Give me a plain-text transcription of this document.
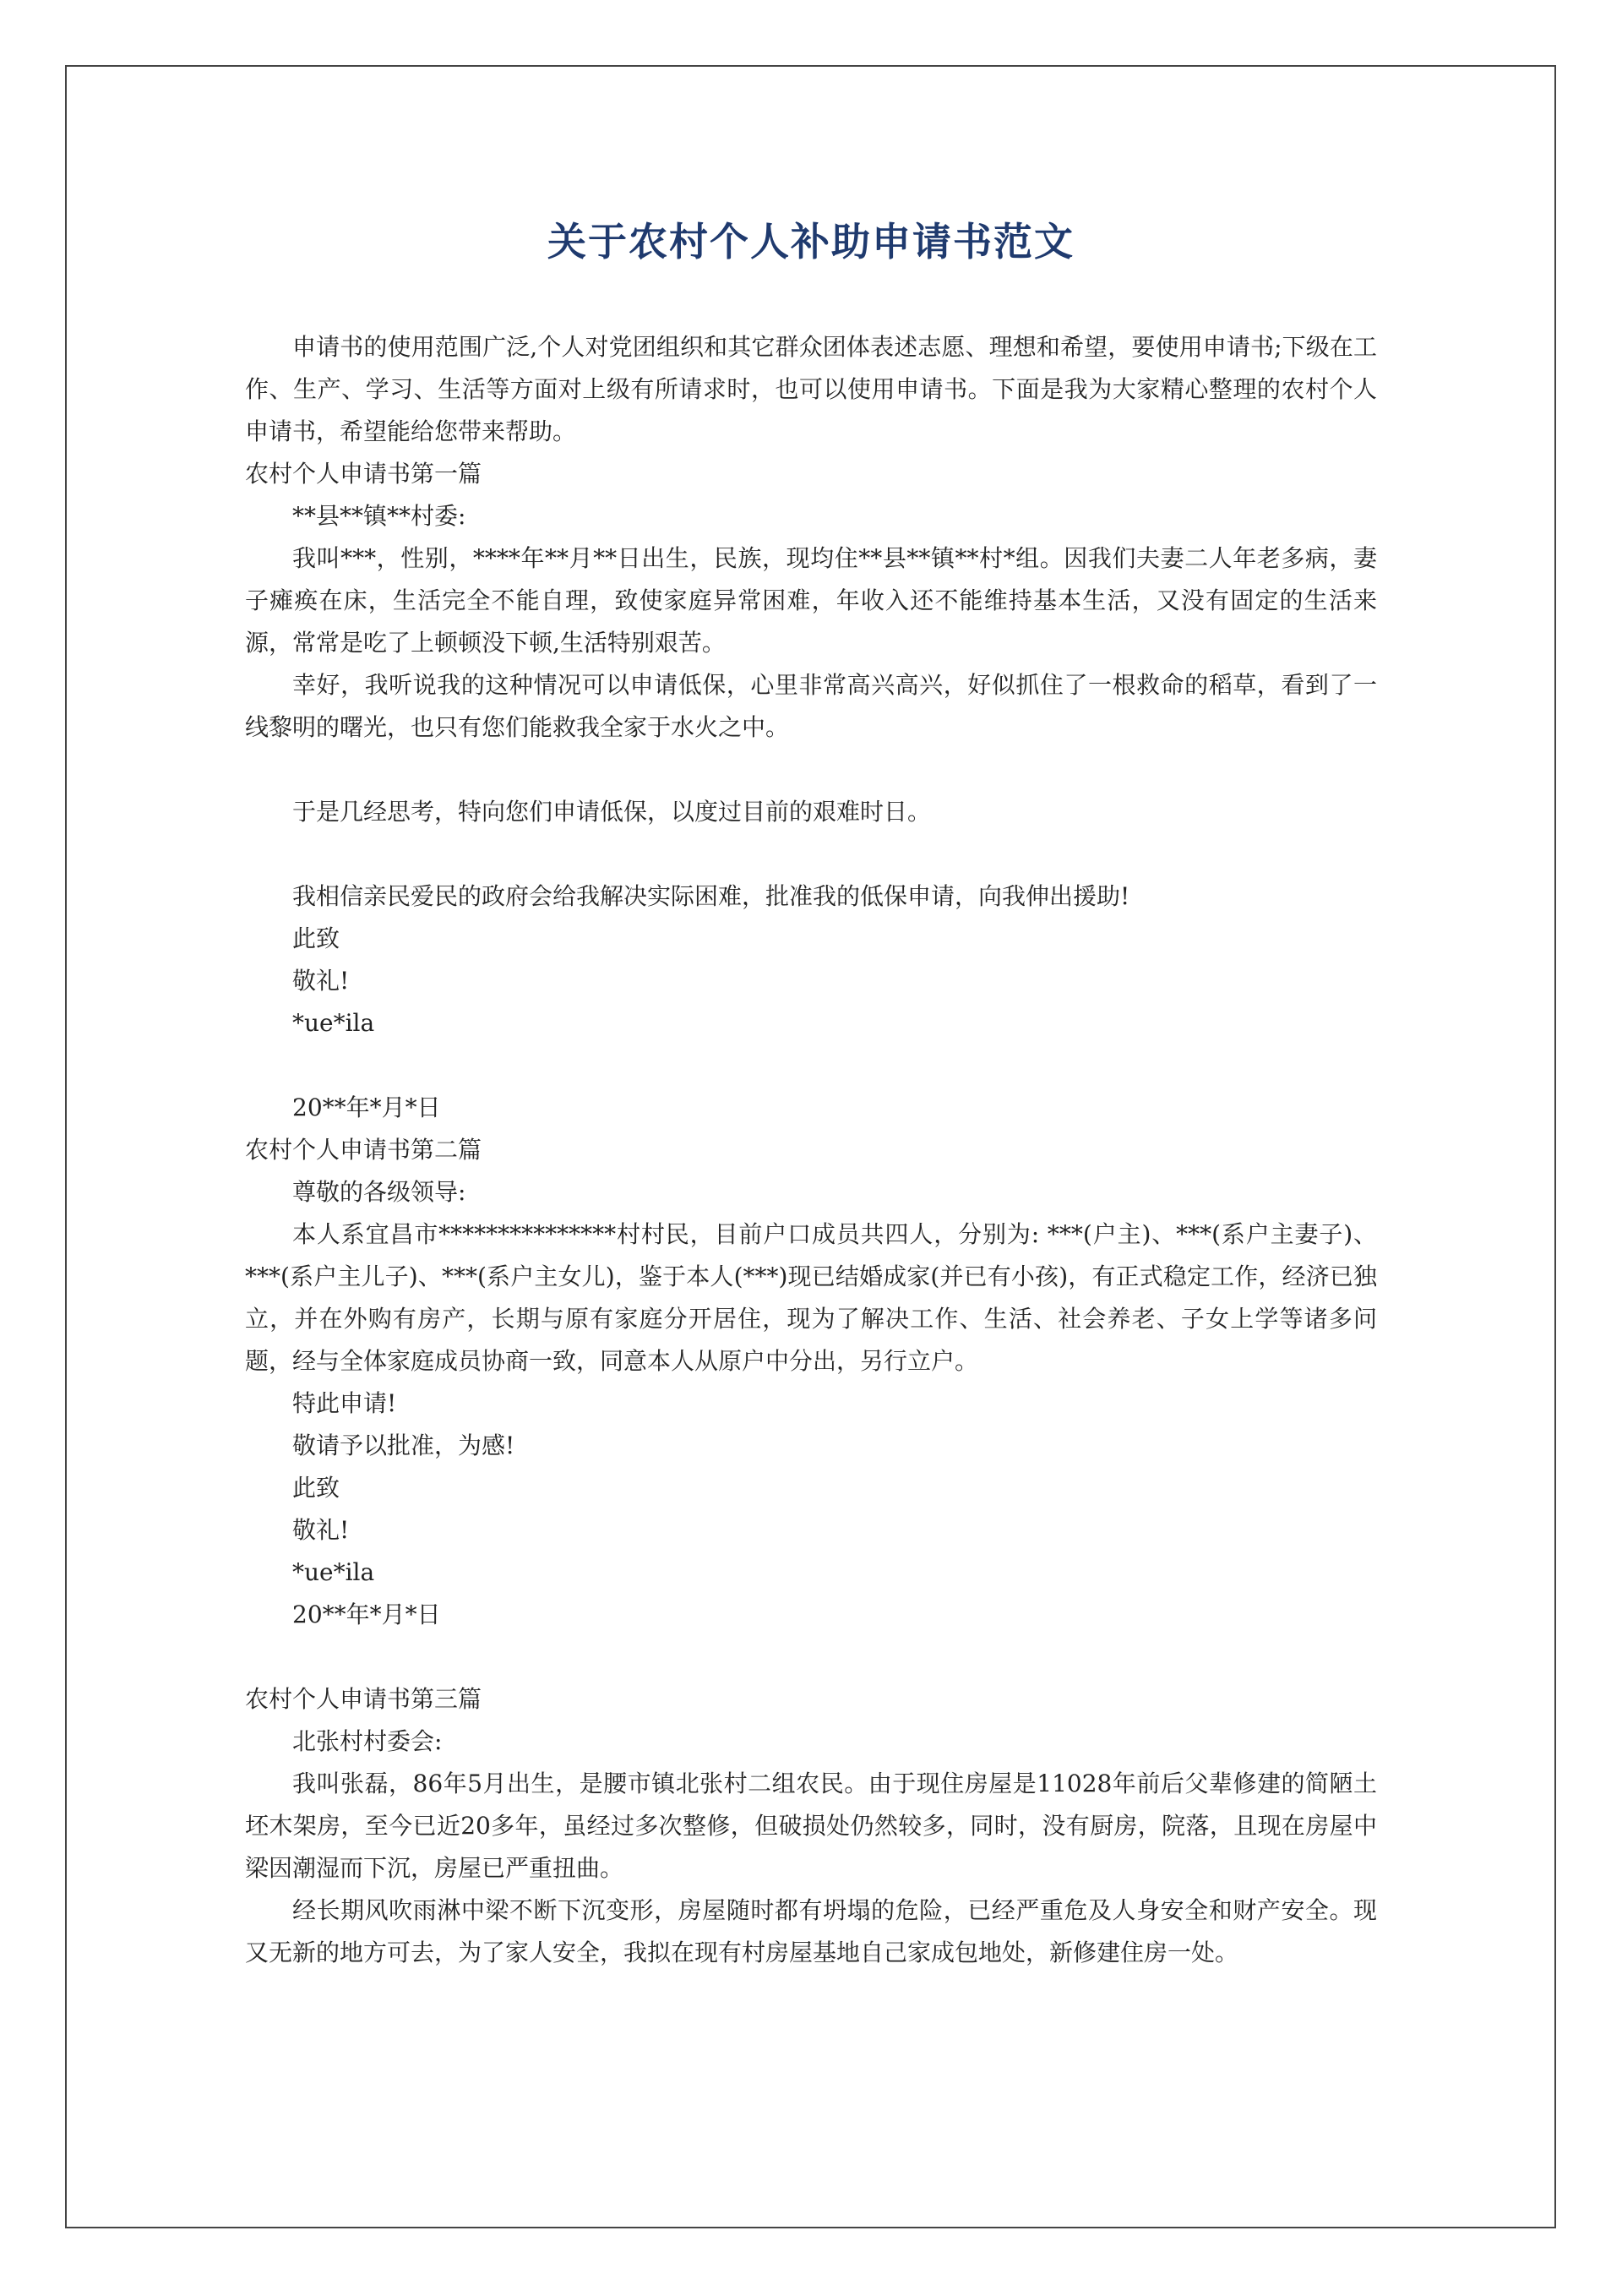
关于农村个人补助申请书范文

申请书的使用范围广泛,个人对党团组织和其它群众团体表述志愿、理想和希望，要使用申请书;下级在工作、生产、学习、生活等方面对上级有所请求时，也可以使用申请书。下面是我为大家精心整理的农村个人申请书，希望能给您带来帮助。

农村个人申请书第一篇

**县**镇**村委:

我叫***，性别，****年**月**日出生，民族，现均住**县**镇**村*组。因我们夫妻二人年老多病，妻子瘫痪在床，生活完全不能自理，致使家庭异常困难，年收入还不能维持基本生活，又没有固定的生活来源，常常是吃了上顿顿没下顿,生活特别艰苦。

幸好，我听说我的这种情况可以申请低保，心里非常高兴高兴，好似抓住了一根救命的稻草，看到了一线黎明的曙光，也只有您们能救我全家于水火之中。

于是几经思考，特向您们申请低保，以度过目前的艰难时日。

我相信亲民爱民的政府会给我解决实际困难，批准我的低保申请，向我伸出援助!

此致

敬礼!

*ue*ila

20**年*月*日

农村个人申请书第二篇

尊敬的各级领导:

本人系宜昌市***************村村民，目前户口成员共四人，分别为: ***(户主)、***(系户主妻子)、***(系户主儿子)、***(系户主女儿)，鉴于本人(***)现已结婚成家(并已有小孩)，有正式稳定工作，经济已独立，并在外购有房产，长期与原有家庭分开居住，现为了解决工作、生活、社会养老、子女上学等诸多问题，经与全体家庭成员协商一致，同意本人从原户中分出，另行立户。

特此申请!

敬请予以批准，为感!

此致

敬礼!

*ue*ila

20**年*月*日

农村个人申请书第三篇

北张村村委会:

我叫张磊，86年5月出生，是腰市镇北张村二组农民。由于现住房屋是11028年前后父辈修建的简陋土坯木架房，至今已近20多年，虽经过多次整修，但破损处仍然较多，同时，没有厨房，院落，且现在房屋中梁因潮湿而下沉，房屋已严重扭曲。

经长期风吹雨淋中梁不断下沉变形，房屋随时都有坍塌的危险，已经严重危及人身安全和财产安全。现又无新的地方可去，为了家人安全，我拟在现有村房屋基地自己家成包地处，新修建住房一处。
